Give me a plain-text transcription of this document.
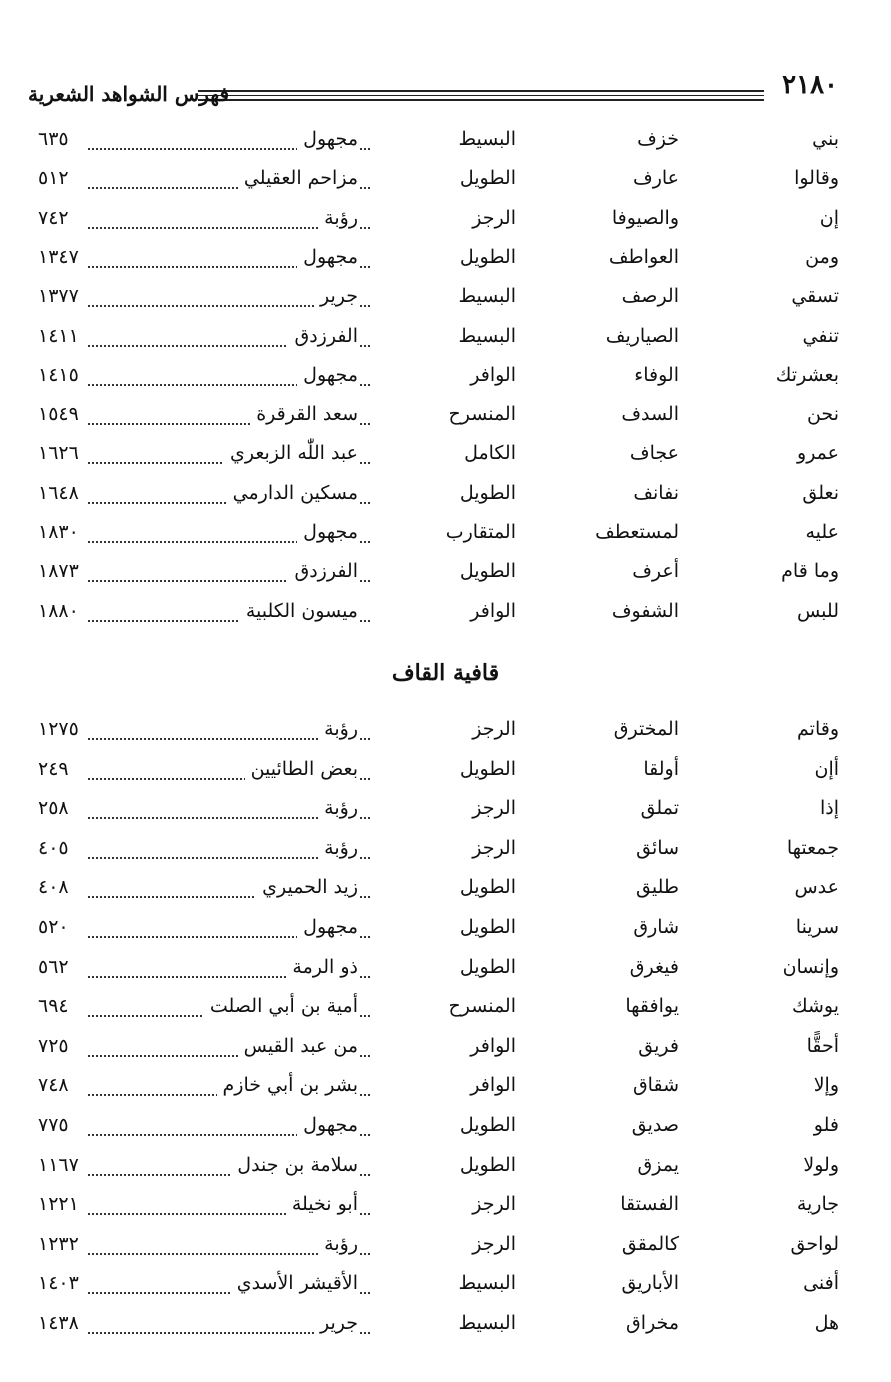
٢١٨٠
فهرس الشواهد الشعرية
بني
خزف
البسيط
مجهول
٦٣٥
وقالوا
عارف
الطويل
مزاحم العقيلي
٥١٢
إن
والصيوفا
الرجز
رؤبة
٧٤٢
ومن
العواطف
الطويل
مجهول
١٣٤٧
تسقي
الرصف
البسيط
جرير
١٣٧٧
تنفي
الصياريف
البسيط
الفرزدق
١٤١١
بعشرتك
الوفاء
الوافر
مجهول
١٤١٥
نحن
السدف
المنسرح
سعد القرقرة
١٥٤٩
عمرو
عجاف
الكامل
عبد اللّٰه الزبعري
١٦٢٦
نعلق
نفانف
الطويل
مسكين الدارمي
١٦٤٨
عليه
لمستعطف
المتقارب
مجهول
١٨٣٠
وما قام
أعرف
الطويل
الفرزدق
١٨٧٣
للبس
الشفوف
الوافر
ميسون الكلبية
١٨٨٠
قافية القاف
وقاتم
المخترق
الرجز
رؤبة
١٢٧٥
أإن
أولقا
الطويل
بعض الطائيين
٢٤٩
إذا
تملق
الرجز
رؤبة
٢٥٨
جمعتها
سائق
الرجز
رؤبة
٤٠٥
عدس
طليق
الطويل
زيد الحميري
٤٠٨
سرينا
شارق
الطويل
مجهول
٥٢٠
وإنسان
فيغرق
الطويل
ذو الرمة
٥٦٢
يوشك
يوافقها
المنسرح
أمية بن أبي الصلت
٦٩٤
أحقًّا
فريق
الوافر
من عبد القيس
٧٢٥
وإلا
شقاق
الوافر
بشر بن أبي خازم
٧٤٨
فلو
صديق
الطويل
مجهول
٧٧٥
ولولا
يمزق
الطويل
سلامة بن جندل
١١٦٧
جارية
الفستقا
الرجز
أبو نخيلة
١٢٢١
لواحق
كالمقق
الرجز
رؤبة
١٢٣٢
أفنى
الأباريق
البسيط
الأقيشر الأسدي
١٤٠٣
هل
مخراق
البسيط
جرير
١٤٣٨
